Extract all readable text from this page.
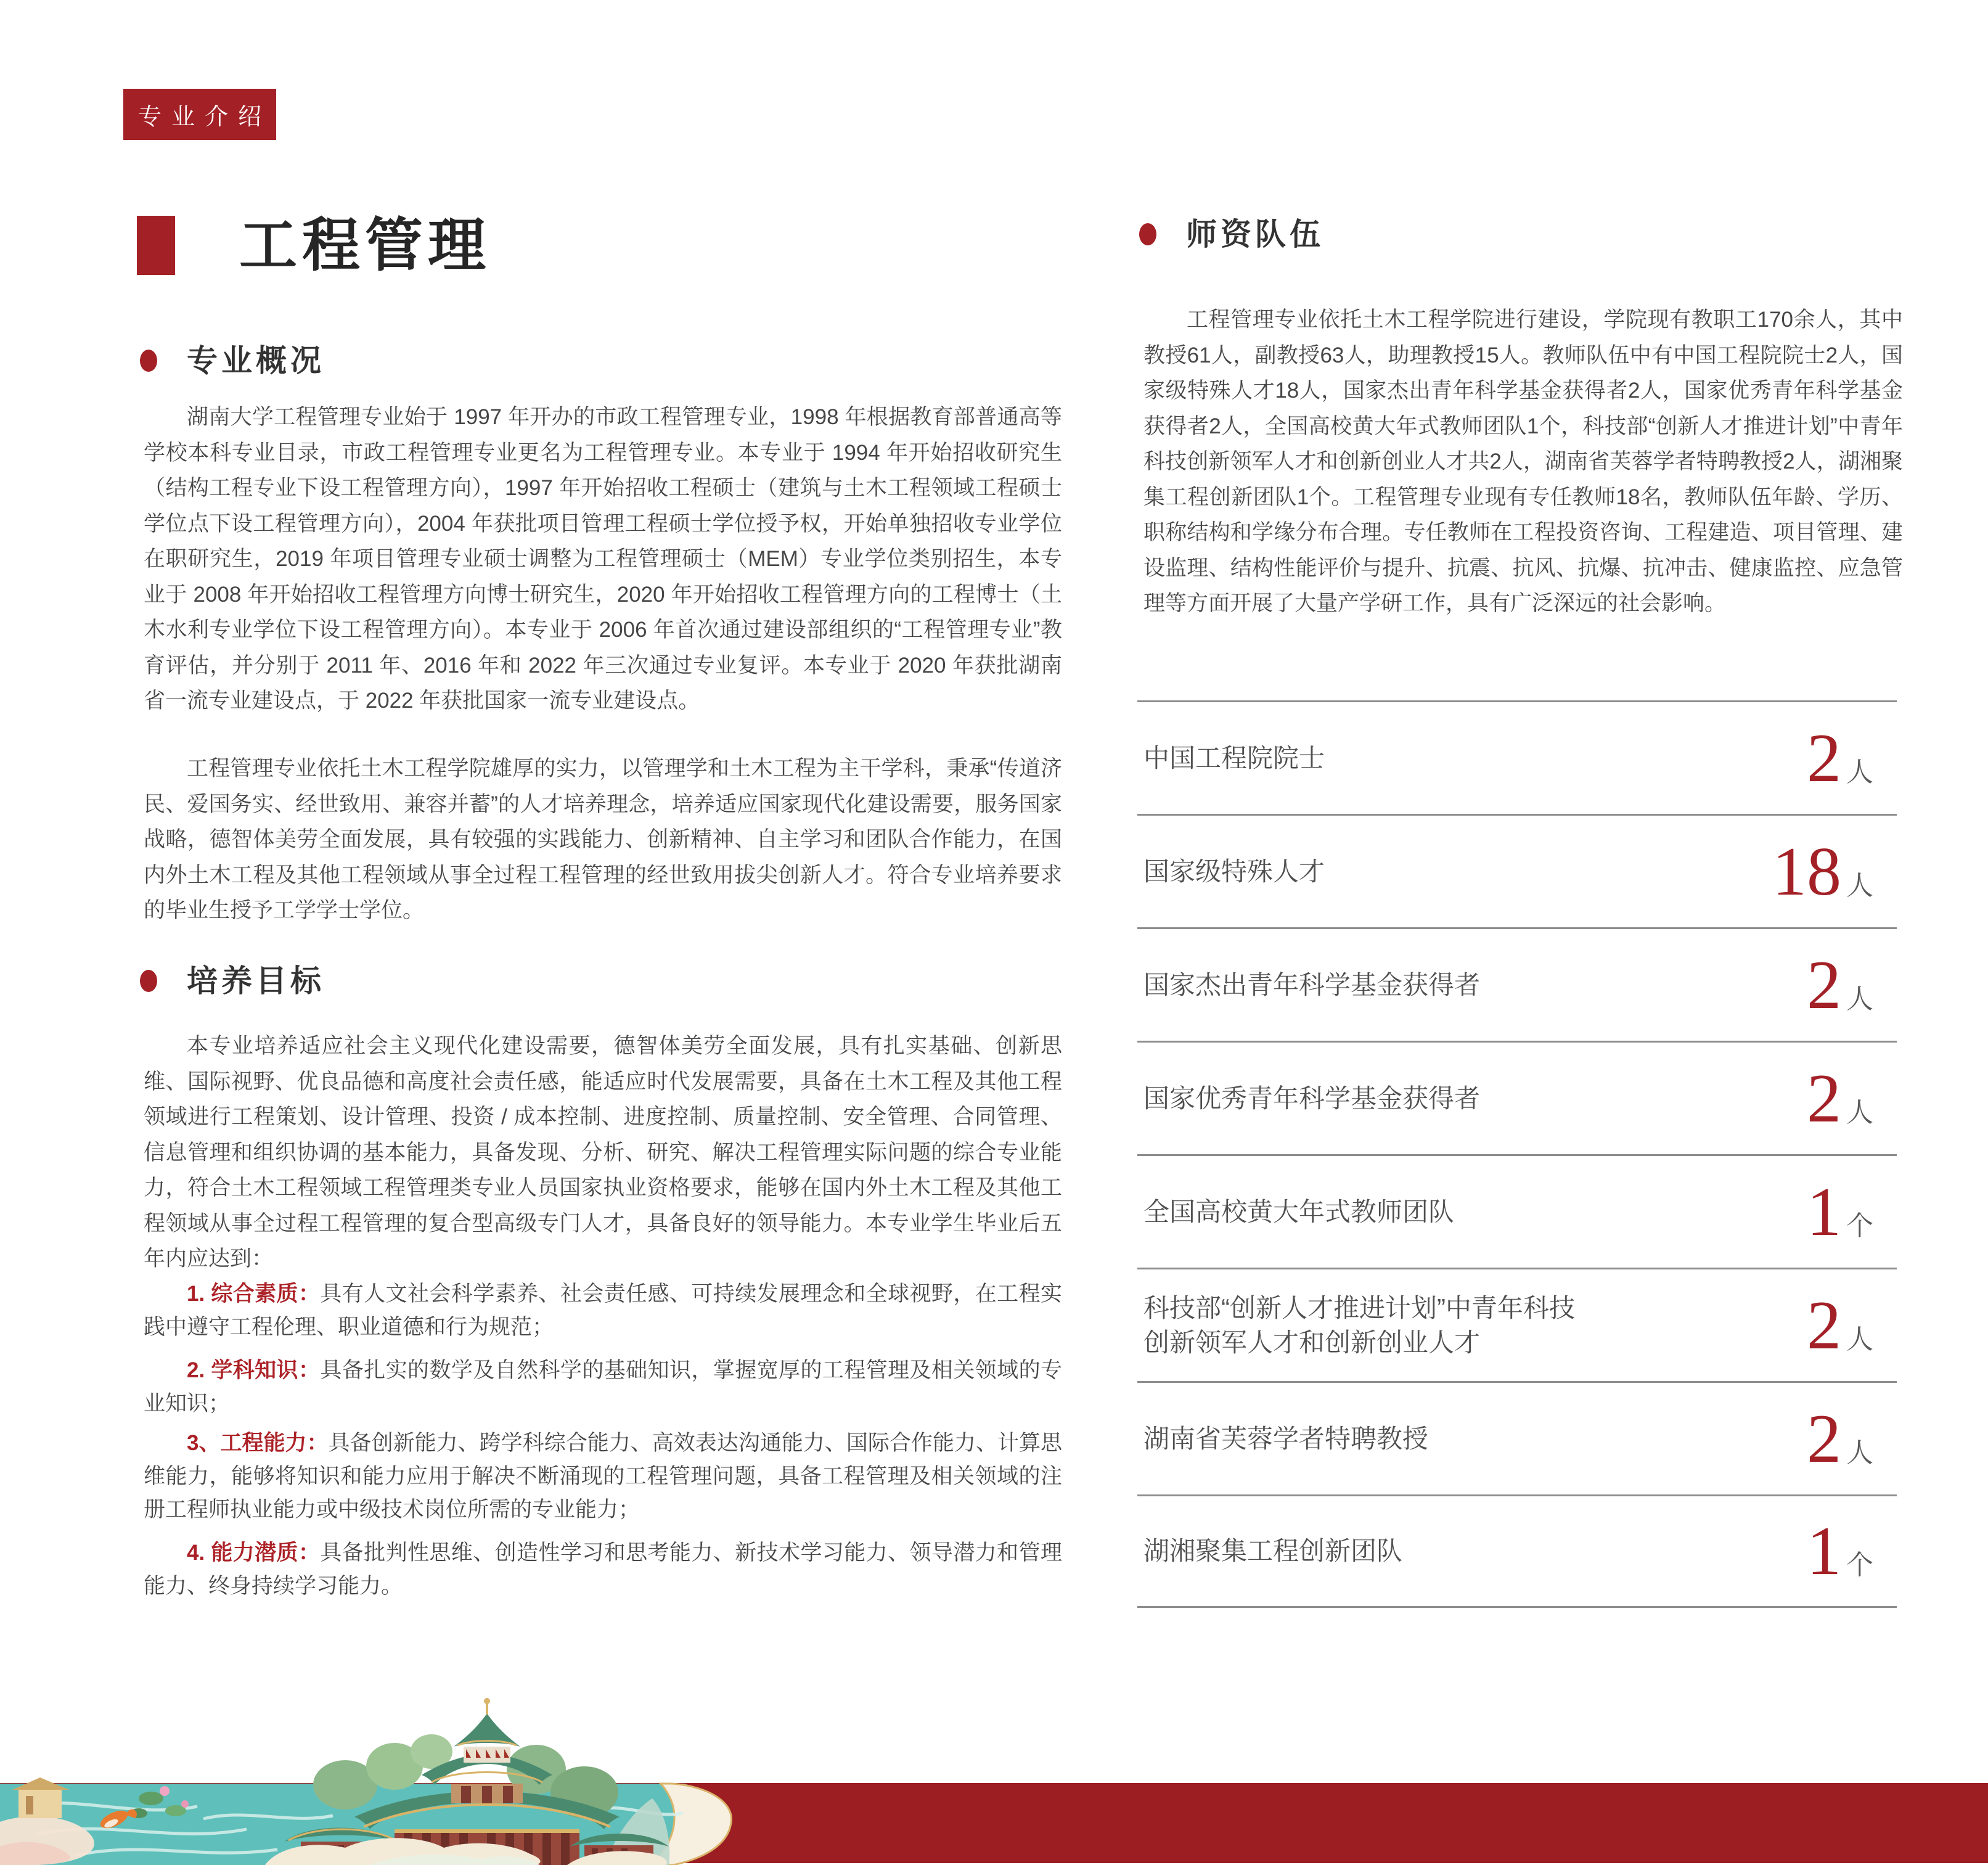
专业介绍
工程管理
专业概况

湖南大学工程管理专业始于 1997 年开办的市政工程管理专业，1998 年根据教育部普通高等学校本科专业目录，市政工程管理专业更名为工程管理专业。本专业于 1994 年开始招收研究生（结构工程专业下设工程管理方向），1997 年开始招收工程硕士（建筑与土木工程领域工程硕士学位点下设工程管理方向），2004 年获批项目管理工程硕士学位授予权，开始单独招收专业学位在职研究生，2019 年项目管理专业硕士调整为工程管理硕士（MEM）专业学位类别招生，本专业于 2008 年开始招收工程管理方向博士研究生，2020 年开始招收工程管理方向的工程博士（土木水利专业学位下设工程管理方向）。本专业于 2006 年首次通过建设部组织的“工程管理专业”教育评估，并分别于 2011 年、2016 年和 2022 年三次通过专业复评。本专业于 2020 年获批湖南省一流专业建设点，于 2022 年获批国家一流专业建设点。

工程管理专业依托土木工程学院雄厚的实力，以管理学和土木工程为主干学科，秉承“传道济民、爱国务实、经世致用、兼容并蓄”的人才培养理念，培养适应国家现代化建设需要，服务国家战略，德智体美劳全面发展，具有较强的实践能力、创新精神、自主学习和团队合作能力，在国内外土木工程及其他工程领域从事全过程工程管理的经世致用拔尖创新人才。符合专业培养要求的毕业生授予工学学士学位。

培养目标

本专业培养适应社会主义现代化建设需要，德智体美劳全面发展，具有扎实基础、创新思维、国际视野、优良品德和高度社会责任感，能适应时代发展需要，具备在土木工程及其他工程领域进行工程策划、设计管理、投资 / 成本控制、进度控制、质量控制、安全管理、合同管理、信息管理和组织协调的基本能力，具备发现、分析、研究、解决工程管理实际问题的综合专业能力，符合土木工程领域工程管理类专业人员国家执业资格要求，能够在国内外土木工程及其他工程领域从事全过程工程管理的复合型高级专门人才，具备良好的领导能力。本专业学生毕业后五年内应达到：

1. 综合素质：具有人文社会科学素养、社会责任感、可持续发展理念和全球视野，在工程实践中遵守工程伦理、职业道德和行为规范；

2. 学科知识：具备扎实的数学及自然科学的基础知识，掌握宽厚的工程管理及相关领域的专业知识；

3、工程能力：具备创新能力、跨学科综合能力、高效表达沟通能力、国际合作能力、计算思维能力，能够将知识和能力应用于解决不断涌现的工程管理问题，具备工程管理及相关领域的注册工程师执业能力或中级技术岗位所需的专业能力；

4. 能力潜质：具备批判性思维、创造性学习和思考能力、新技术学习能力、领导潜力和管理能力、终身持续学习能力。

师资队伍

工程管理专业依托土木工程学院进行建设，学院现有教职工170余人，其中教授61人，副教授63人，助理教授15人。教师队伍中有中国工程院院士2人，国家级特殊人才18人，国家杰出青年科学基金获得者2人，国家优秀青年科学基金获得者2人，全国高校黄大年式教师团队1个，科技部“创新人才推进计划”中青年科技创新领军人才和创新创业人才共2人，湖南省芙蓉学者特聘教授2人，湖湘聚集工程创新团队1个。工程管理专业现有专任教师18名，教师队伍年龄、学历、职称结构和学缘分布合理。专任教师在工程投资咨询、工程建造、项目管理、建设监理、结构性能评价与提升、抗震、抗风、抗爆、抗冲击、健康监控、应急管理等方面开展了大量产学研工作，具有广泛深远的社会影响。

中国工程院院士	2 人
国家级特殊人才	18 人
国家杰出青年科学基金获得者	2 人
国家优秀青年科学基金获得者	2 人
全国高校黄大年式教师团队	1 个
科技部“创新人才推进计划”中青年科技创新领军人才和创新创业人才	2 人
湖南省芙蓉学者特聘教授	2 人
湖湘聚集工程创新团队	1 个
